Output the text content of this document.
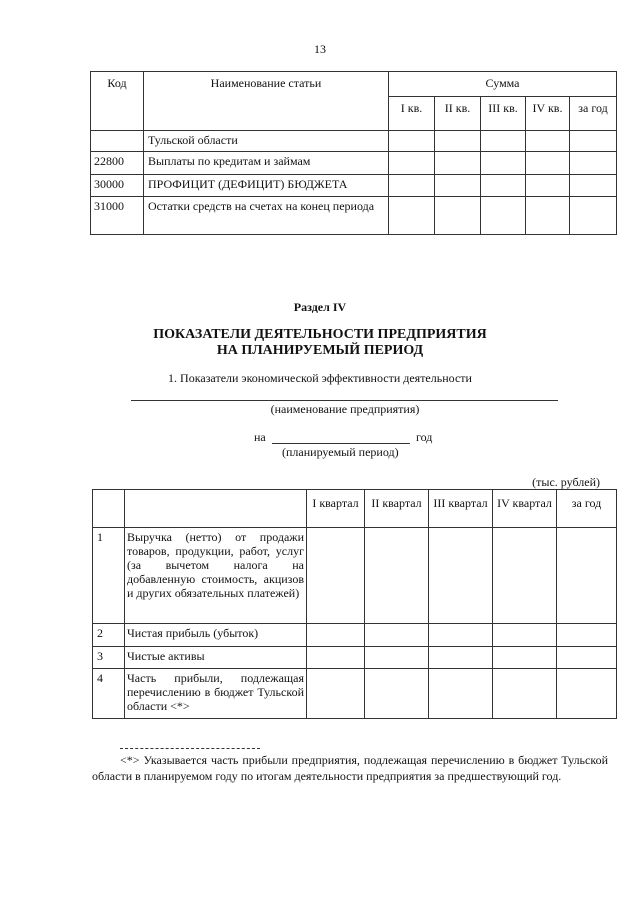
13
Код	Наименование статьи	Сумма				
		I кв.	II кв.	III кв.	IV кв.	за год
	Тульской области					
22800	Выплаты по кредитам и займам					
30000	ПРОФИЦИТ (ДЕФИЦИТ) БЮДЖЕТА					
31000	Остатки средств на счетах на конец периода					
Раздел IV
ПОКАЗАТЕЛИ ДЕЯТЕЛЬНОСТИ ПРЕДПРИЯТИЯ
НА ПЛАНИРУЕМЫЙ ПЕРИОД
1. Показатели экономической эффективности деятельности
(наименование предприятия)
на	год
(планируемый период)
(тыс. рублей)
		I квартал	II квартал	III квартал	IV квартал	за год
1	Выручка (нетто) от продажи товаров, продукции, работ, услуг (за вычетом налога на добавленную стоимость, акцизов и других обязательных платежей)					
2	Чистая прибыль (убыток)					
3	Чистые активы					
4	Часть прибыли, подлежащая перечислению в бюджет Тульской области <*>					
<*> Указывается часть прибыли предприятия, подлежащая перечислению в бюджет Тульской области в планируемом году по итогам деятельности предприятия за предшествующий год.
